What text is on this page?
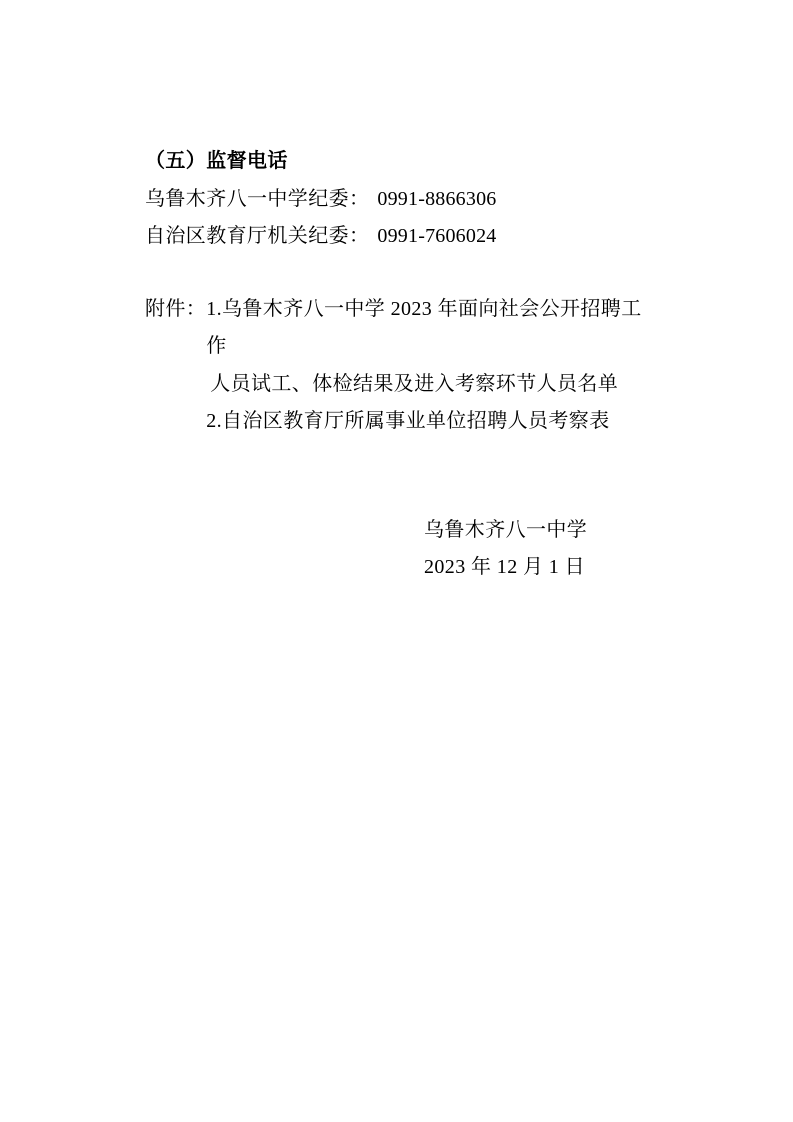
（五）监督电话
乌鲁木齐八一中学纪委： 0991-8866306
自治区教育厅机关纪委： 0991-7606024
附件： 1.乌鲁木齐八一中学 2023 年面向社会公开招聘工作
人员试工、体检结果及进入考察环节人员名单
2.自治区教育厅所属事业单位招聘人员考察表
乌鲁木齐八一中学
2023 年 12 月 1 日
